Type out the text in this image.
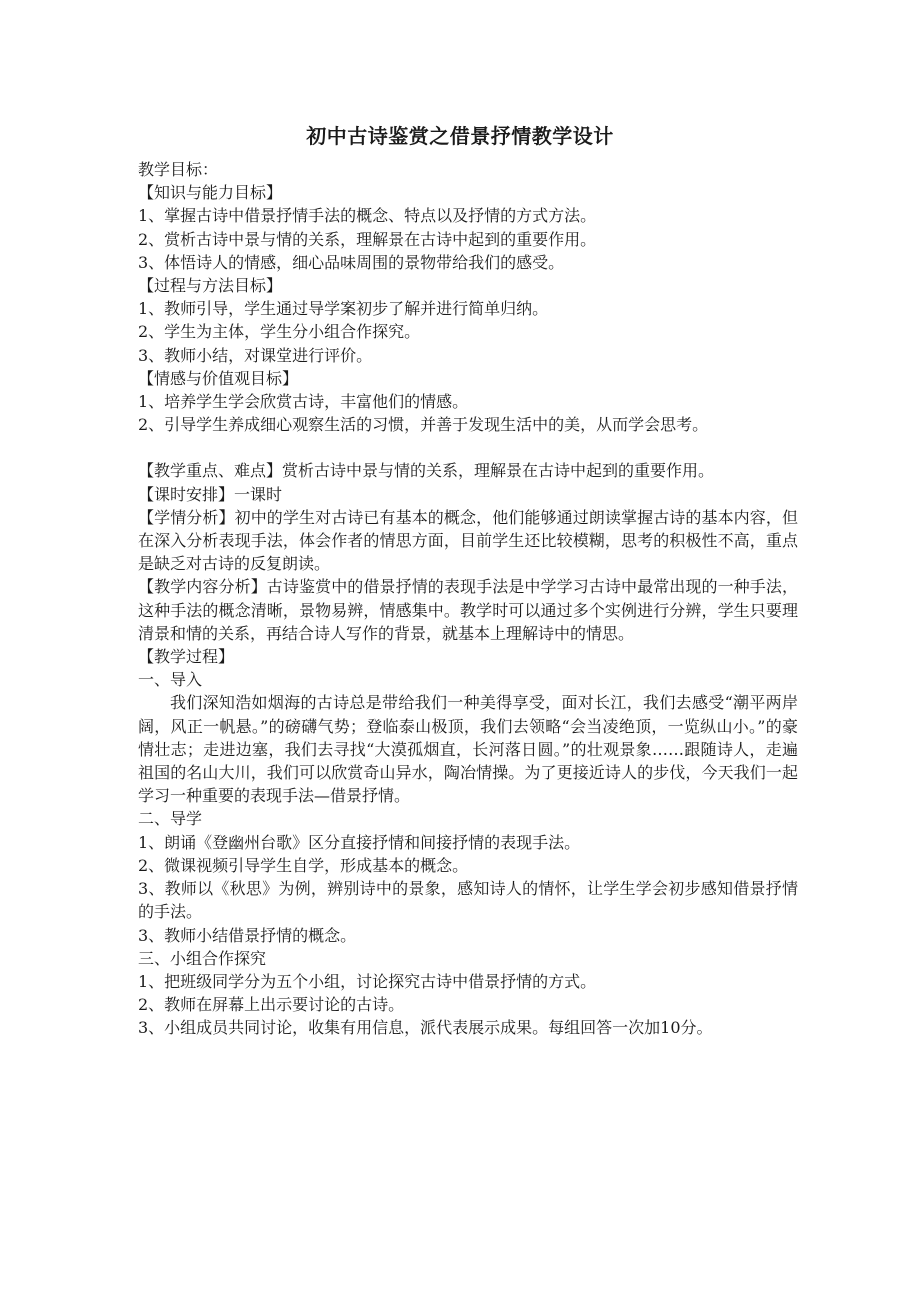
初中古诗鉴赏之借景抒情教学设计

教学目标：

【知识与能力目标】

1、掌握古诗中借景抒情手法的概念、特点以及抒情的方式方法。

2、赏析古诗中景与情的关系，理解景在古诗中起到的重要作用。

3、体悟诗人的情感，细心品味周围的景物带给我们的感受。

【过程与方法目标】

1、教师引导，学生通过导学案初步了解并进行简单归纳。

2、学生为主体，学生分小组合作探究。

3、教师小结，对课堂进行评价。

【情感与价值观目标】

1、培养学生学会欣赏古诗，丰富他们的情感。

2、引导学生养成细心观察生活的习惯，并善于发现生活中的美，从而学会思考。

【教学重点、难点】赏析古诗中景与情的关系，理解景在古诗中起到的重要作用。

【课时安排】一课时

【学情分析】初中的学生对古诗已有基本的概念，他们能够通过朗读掌握古诗的基本内容，但在深入分析表现手法，体会作者的情思方面，目前学生还比较模糊，思考的积极性不高，重点是缺乏对古诗的反复朗读。

【教学内容分析】古诗鉴赏中的借景抒情的表现手法是中学学习古诗中最常出现的一种手法，这种手法的概念清晰，景物易辨，情感集中。教学时可以通过多个实例进行分辨，学生只要理清景和情的关系，再结合诗人写作的背景，就基本上理解诗中的情思。

【教学过程】

一、导入

我们深知浩如烟海的古诗总是带给我们一种美得享受，面对长江，我们去感受“潮平两岸阔，风正一帆悬。”的磅礴气势；登临泰山极顶，我们去领略“会当凌绝顶，一览纵山小。”的豪情壮志；走进边塞，我们去寻找“大漠孤烟直，长河落日圆。”的壮观景象……跟随诗人，走遍祖国的名山大川，我们可以欣赏奇山异水，陶冶情操。为了更接近诗人的步伐，今天我们一起学习一种重要的表现手法—借景抒情。

二、导学

1、朗诵《登幽州台歌》区分直接抒情和间接抒情的表现手法。

2、微课视频引导学生自学，形成基本的概念。

3、教师以《秋思》为例，辨别诗中的景象，感知诗人的情怀，让学生学会初步感知借景抒情的手法。

3、教师小结借景抒情的概念。

三、小组合作探究

1、把班级同学分为五个小组，讨论探究古诗中借景抒情的方式。

2、教师在屏幕上出示要讨论的古诗。

3、小组成员共同讨论，收集有用信息，派代表展示成果。每组回答一次加10分。
